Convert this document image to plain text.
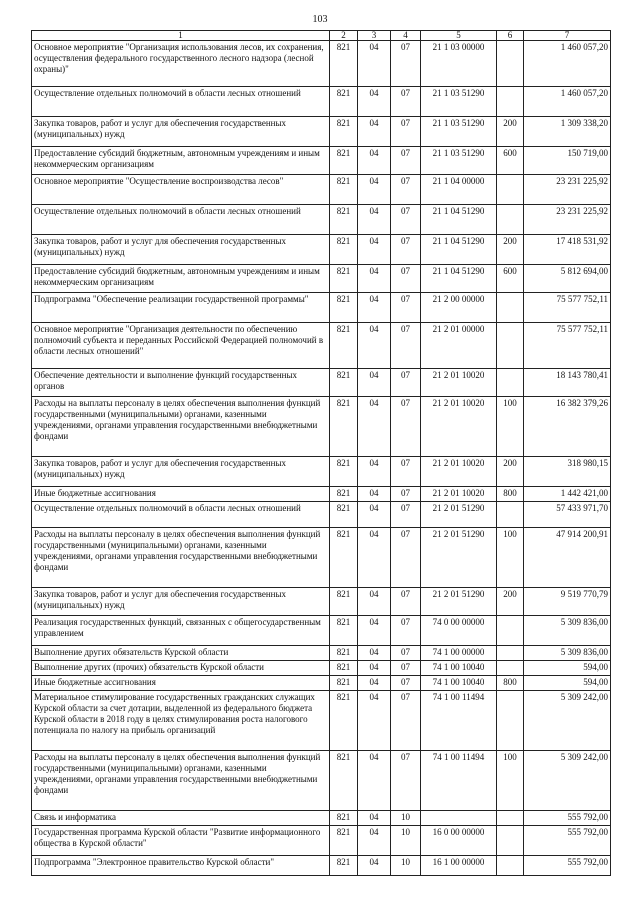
103
1	2	3	4	5	6	7
Основное мероприятие "Организация использования лесов, их сохранения, осуществления федерального государственного лесного надзора (лесной охраны)"	821	04	07	21 1 03 00000		1 460 057,20
Осуществление отдельных полномочий в области лесных отношений	821	04	07	21 1 03 51290		1 460 057,20
Закупка товаров, работ и услуг для обеспечения государственных (муниципальных) нужд	821	04	07	21 1 03 51290	200	1 309 338,20
Предоставление субсидий бюджетным, автономным учреждениям и иным некоммерческим организациям	821	04	07	21 1 03 51290	600	150 719,00
Основное мероприятие "Осуществление воспроизводства лесов"	821	04	07	21 1 04 00000		23 231 225,92
Осуществление отдельных полномочий в области лесных отношений	821	04	07	21 1 04 51290		23 231 225,92
Закупка товаров, работ и услуг для обеспечения государственных (муниципальных) нужд	821	04	07	21 1 04 51290	200	17 418 531,92
Предоставление субсидий бюджетным, автономным учреждениям и иным некоммерческим организациям	821	04	07	21 1 04 51290	600	5 812 694,00
Подпрограмма "Обеспечение реализации государственной программы"	821	04	07	21 2 00 00000		75 577 752,11
Основное мероприятие "Организация деятельности по обеспечению полномочий субъекта и переданных Российской Федерацией полномочий в области лесных отношений"	821	04	07	21 2 01 00000		75 577 752,11
Обеспечение деятельности и выполнение функций государственных органов	821	04	07	21 2 01 10020		18 143 780,41
Расходы на выплаты персоналу в целях обеспечения выполнения функций государственными (муниципальными) органами, казенными учреждениями, органами управления государственными внебюджетными фондами	821	04	07	21 2 01 10020	100	16 382 379,26
Закупка товаров, работ и услуг для обеспечения государственных (муниципальных) нужд	821	04	07	21 2 01 10020	200	318 980,15
Иные бюджетные ассигнования	821	04	07	21 2 01 10020	800	1 442 421,00
Осуществление отдельных полномочий в области лесных отношений	821	04	07	21 2 01 51290		57 433 971,70
Расходы на выплаты персоналу в целях обеспечения выполнения функций государственными (муниципальными) органами, казенными учреждениями, органами управления государственными внебюджетными фондами	821	04	07	21 2 01 51290	100	47 914 200,91
Закупка товаров, работ и услуг для обеспечения государственных (муниципальных) нужд	821	04	07	21 2 01 51290	200	9 519 770,79
Реализация государственных функций, связанных с общегосударственным управлением	821	04	07	74 0 00 00000		5 309 836,00
Выполнение других обязательств Курской области	821	04	07	74 1 00 00000		5 309 836,00
Выполнение других (прочих) обязательств Курской области	821	04	07	74 1 00 10040		594,00
Иные бюджетные ассигнования	821	04	07	74 1 00 10040	800	594,00
Материальное стимулирование государственных гражданских служащих Курской области за счет дотации, выделенной из федерального бюджета Курской области в 2018 году в целях стимулирования роста налогового потенциала по налогу на прибыль организаций	821	04	07	74 1 00 11494		5 309 242,00
Расходы на выплаты персоналу в целях обеспечения выполнения функций государственными (муниципальными) органами, казенными учреждениями, органами управления государственными внебюджетными фондами	821	04	07	74 1 00 11494	100	5 309 242,00
Связь и информатика	821	04	10			555 792,00
Государственная программа Курской области "Развитие информационного общества в Курской области"	821	04	10	16 0 00 00000		555 792,00
Подпрограмма "Электронное правительство Курской области"	821	04	10	16 1 00 00000		555 792,00
